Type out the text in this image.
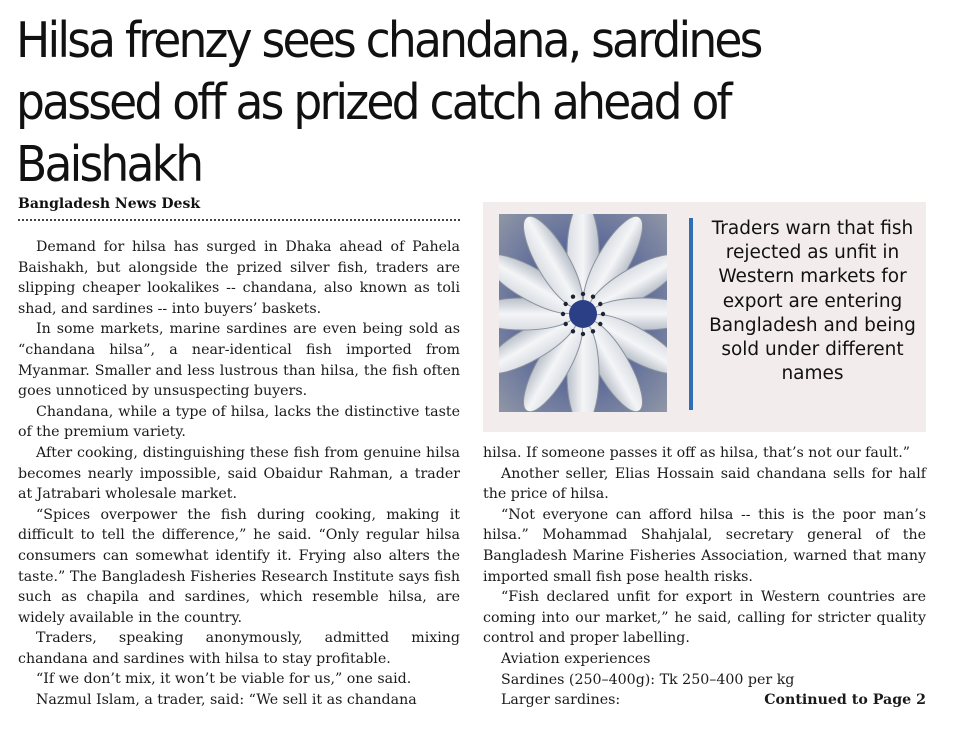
Hilsa frenzy sees chandana, sardines passed off as prized catch ahead of Baishakh
Bangladesh News Desk

Demand for hilsa has surged in Dhaka ahead of Pahela Baishakh, but alongside the prized silver fish, traders are slipping cheaper lookalikes -- chandana, also known as toli shad, and sardines -- into buyers’ baskets.

In some markets, marine sardines are even being sold as “chandana hilsa”, a near-identical fish imported from Myanmar. Smaller and less lustrous than hilsa, the fish often goes unnoticed by unsuspecting buyers.

Chandana, while a type of hilsa, lacks the distinctive taste of the premium variety.

After cooking, distinguishing these fish from genuine hilsa becomes nearly impossible, said Obaidur Rahman, a trader at Jatrabari wholesale market.

“Spices overpower the fish during cooking, making it difficult to tell the difference,” he said. “Only regular hilsa consumers can somewhat identify it. Frying also alters the taste.” The Bangladesh Fisheries Research Institute says fish such as chapila and sardines, which resemble hilsa, are widely available in the country.

Traders, speaking anonymously, admitted mixing chandana and sardines with hilsa to stay profitable.

“If we don’t mix, it won’t be viable for us,” one said.

Nazmul Islam, a trader, said: “We sell it as chandana

Traders warn that fish rejected as unfit in Western markets for export are entering Bangladesh and being sold under different names

hilsa. If someone passes it off as hilsa, that’s not our fault.”

Another seller, Elias Hossain said chandana sells for half the price of hilsa.

“Not everyone can afford hilsa -- this is the poor man’s hilsa.” Mohammad Shahjalal, secretary general of the Bangladesh Marine Fisheries Association, warned that many imported small fish pose health risks.

“Fish declared unfit for export in Western countries are coming into our market,” he said, calling for stricter quality control and proper labelling.

Aviation experiences

Sardines (250–400g): Tk 250–400 per kg

Larger sardines:	Continued to Page 2
